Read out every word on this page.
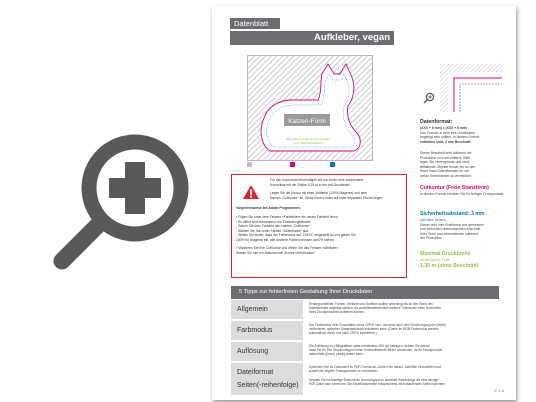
Datenblatt
Aufkleber, vegan
Katzen-Form
Motiv bitte innerhalb der Kontur halten
1 mm Sicherheitsabstand
Datenformat:
(XXX + 6 mm) x (XXX + 6 mm)
Das Format, in dem Ihre Druckdaten
angelegt sein sollten. In diesem Format
enthalten sind: 3 mm Beschnitt.
Dieser Beschnitt wird während der
Produktion von uns entfernt. Bitte
legen Sie Hintergründe und rand-
abfallende Objekte immer bis an den
Rand Ihres Datenformats an, um
weiße Seitenränder zu vermeiden.
Cutkontur (Freie Stanzform)
in diesem Format erhalten Sie Ihr fertiges Druckprodukt.
Sicherheitsabstand: 3 mm
(auf allen Seiten)
Dieser wird vom Endformat aus gemessen
und verhindert unerwünschten Anschnitt
Ihrer Texte und Informationen während
der Produktion.
Maximal Druckbreite
an der kurzen Seite
1,30 m (ohne Beschnitt)
Für den Konturschnitt benötigen wir von Ihnen eine vektorisierte
Konturlinie mit der Stärke 0,25 pt in der pdf-Druckdatei.
Legen Sie die Kontur mit einer Vollfarbe (100% Magenta) und dem
Namen „CutKontur“ an. Diese Kontur muss auf einer separaten Ebene liegen.
Vorgehensweise bei Adobe Programmen:
• Fügen Sie unter dem Fenster »Farbfelder« ein neues Farbfeld hinzu.
- Es öffnet sich automatisch ein Einstellungsfenster.
- Geben Sie dem Farbfeld den Namen „CutKontur“.
- Wählen Sie nun unter Farbart „Volltonfarbe“ aus.
- Stellen Sie sicher, dass der Farbmodus auf „CMYK“ eingestellt ist und geben Sie
100% für Magenta ein, alle anderen Farben müssen auf 0% stehen.
• Markieren Sie Ihre CutKontur und öffnen Sie das Fenster »Attribute«.
Setzen Sie hier ein Häkchen bei „Kontur überdrucken“.
5 Tipps zur fehlerfreien Gestaltung Ihrer Druckdaten
Allgemein
Hintergrundbilder, Farben, Verläufe und Grafiken sollten unbedingt bis an den Rand des
Datenformats angelegt werden, da produktionstechnisch kleinere Toleranzen beim Schneiden
Ihres Druckproduktes auftreten können.
Farbmodus
Der Farbmodus Ihrer Druckdaten muss CMYK sein, da sonst nach dem Druckvorgang ein (leicht)
veränderter, optischer Gesamteindruck entstehen kann. (Daten im RGB-Farbmodus werden
automatisch durch uns nach CMYK konvertiert.)
Auflösung
Die Auflösung von Bildgrafiken sollte mindestens 300 dpi betragen. Achten Sie darauf,
dass Sie für Ihre Druckvorlagen immer hochauflösende Bilder verwenden, da Ihr Druckprodukt
andernfalls (leicht) pixelig wirken kann.
Dateiformat
Speichern Sie Ihr Dokument im PDF-Format ab. Achten Sie darauf, Schriften einzubetten und
soweit als möglich Transparenzen zu reduzieren.
Seiten(-reihenfolge)
Senden Sie mehrseitige Dokumente chronologisch in korrekter Reihenfolge als eine einzige
PDF-Datei oder benennen Sie Einzeldokumente entsprechend mit fortlaufenden Seitennummern.
V. 1.0
